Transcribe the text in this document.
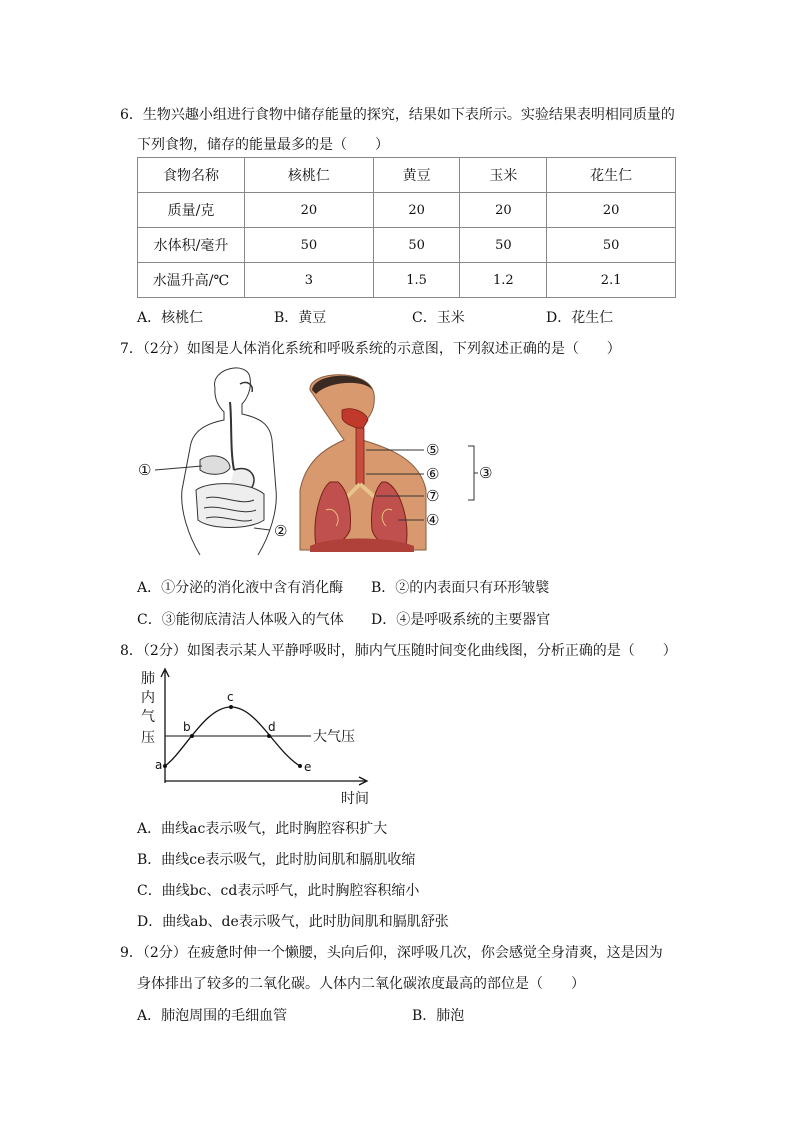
6．生物兴趣小组进行食物中储存能量的探究，结果如下表所示。实验结果表明相同质量的
下列食物，储存的能量最多的是（　　）
食物名称	核桃仁	黄豆	玉米	花生仁
质量/克	20	20	20	20
水体积/毫升	50	50	50	50
水温升高/℃	3	1.5	1.2	2.1
A．核桃仁	B．黄豆	C．玉米	D．花生仁
7．（2分）如图是人体消化系统和呼吸系统的示意图，下列叙述正确的是（　　）
①
②
⑤
⑥
⑦
④
③
A．①分泌的消化液中含有消化酶 B．②的内表面只有环形皱襞
C．③能彻底清洁人体吸入的气体 D．④是呼吸系统的主要器官
8．（2分）如图表示某人平静呼吸时，肺内气压随时间变化曲线图，分析正确的是（　　）
肺
内
气
压
时间
大气压
a
b
c
d
e
A．曲线ac表示吸气，此时胸腔容积扩大
B．曲线ce表示吸气，此时肋间肌和膈肌收缩
C．曲线bc、cd表示呼气，此时胸腔容积缩小
D．曲线ab、de表示吸气，此时肋间肌和膈肌舒张
9．（2分）在疲惫时伸一个懒腰，头向后仰，深呼吸几次，你会感觉全身清爽，这是因为
身体排出了较多的二氧化碳。人体内二氧化碳浓度最高的部位是（　　）
A．肺泡周围的毛细血管	B．肺泡
